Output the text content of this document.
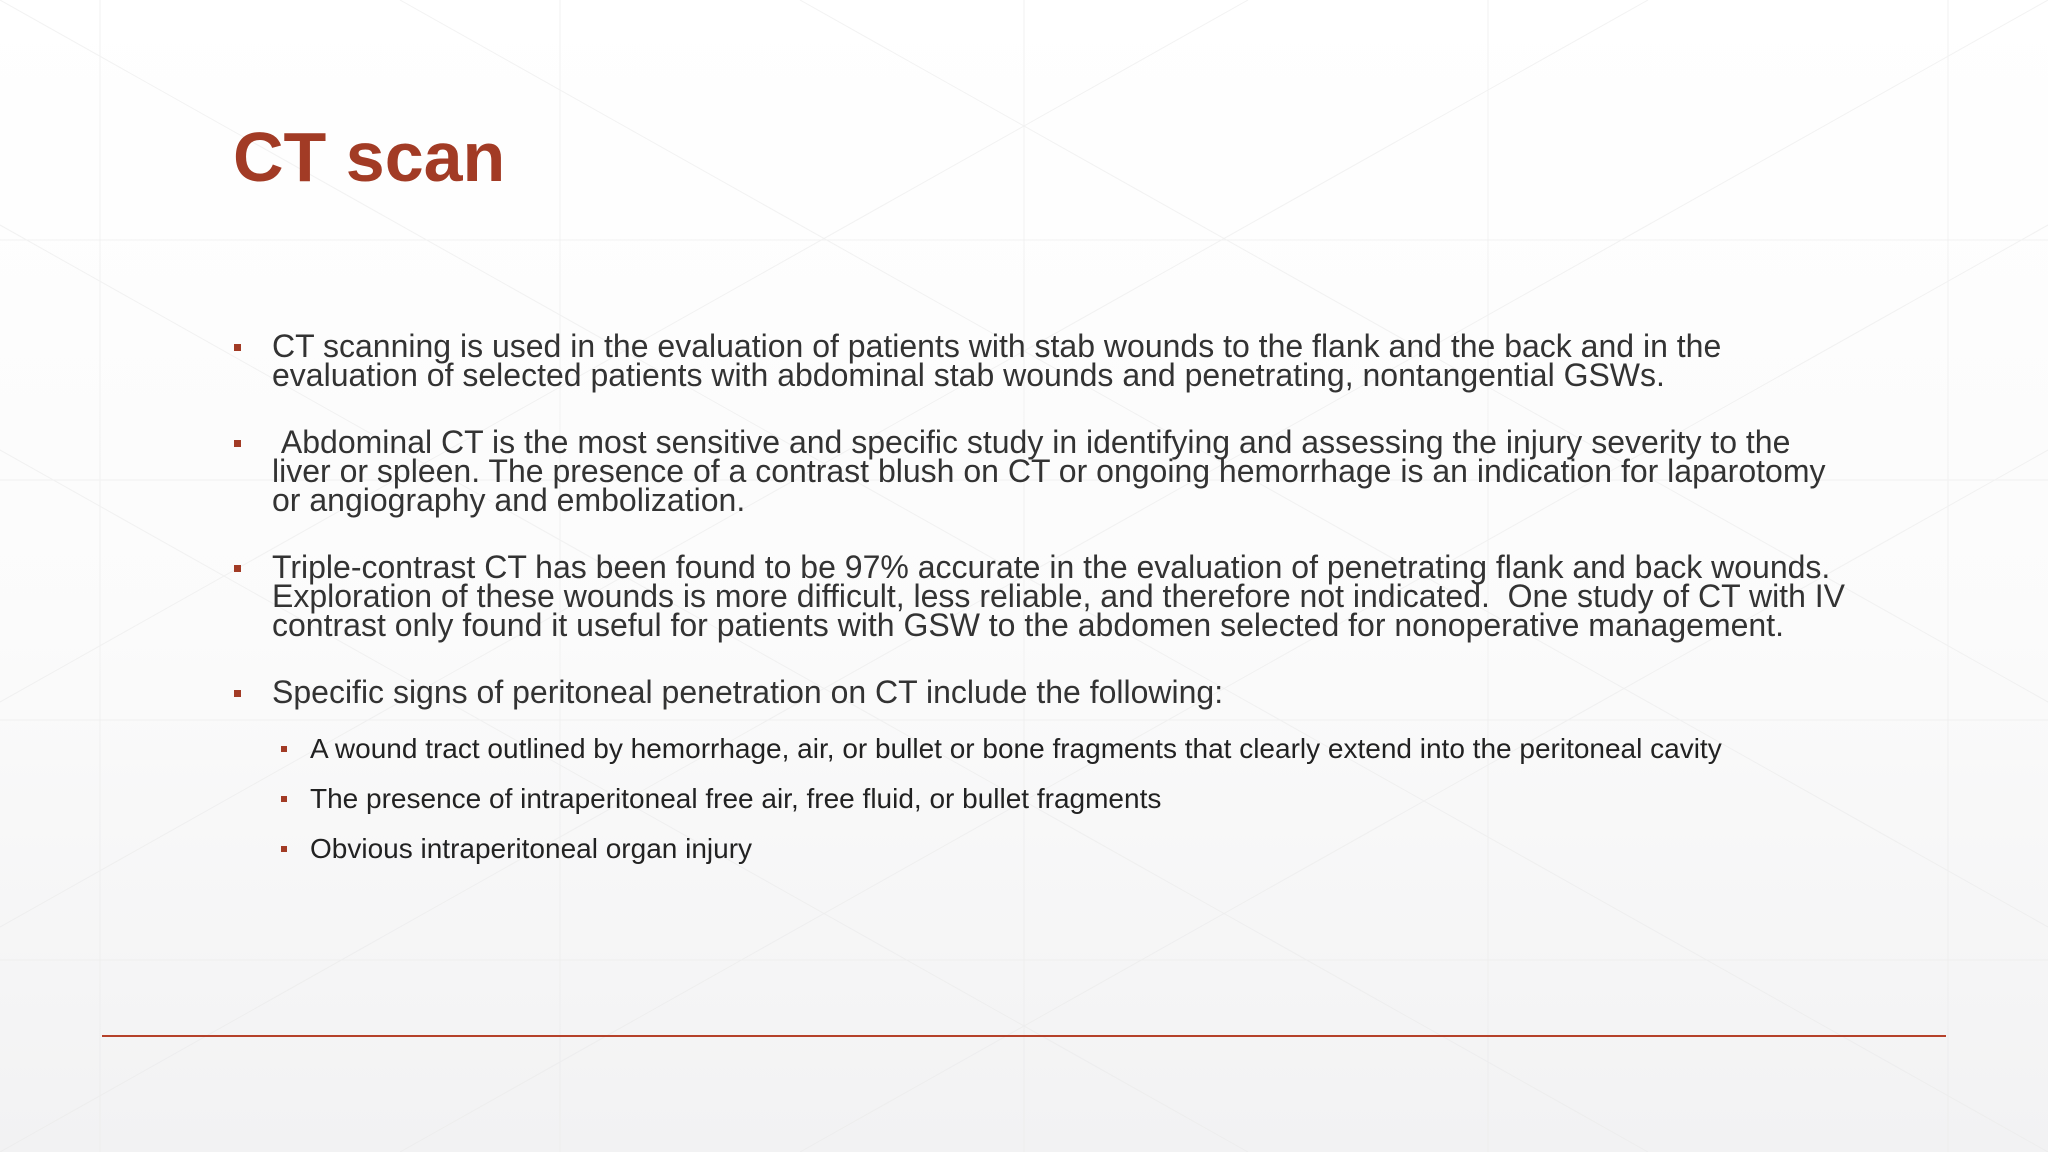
CT scan
CT scanning is used in the evaluation of patients with stab wounds to the flank and the back and in the evaluation of selected patients with abdominal stab wounds and penetrating, nontangential GSWs.
Abdominal CT is the most sensitive and specific study in identifying and assessing the injury severity to the liver or spleen. The presence of a contrast blush on CT or ongoing hemorrhage is an indication for laparotomy or angiography and embolization.
Triple-contrast CT has been found to be 97% accurate in the evaluation of penetrating flank and back wounds. Exploration of these wounds is more difficult, less reliable, and therefore not indicated.  One study of CT with IV contrast only found it useful for patients with GSW to the abdomen selected for nonoperative management.
Specific signs of peritoneal penetration on CT include the following:
A wound tract outlined by hemorrhage, air, or bullet or bone fragments that clearly extend into the peritoneal cavity
The presence of intraperitoneal free air, free fluid, or bullet fragments
Obvious intraperitoneal organ injury
